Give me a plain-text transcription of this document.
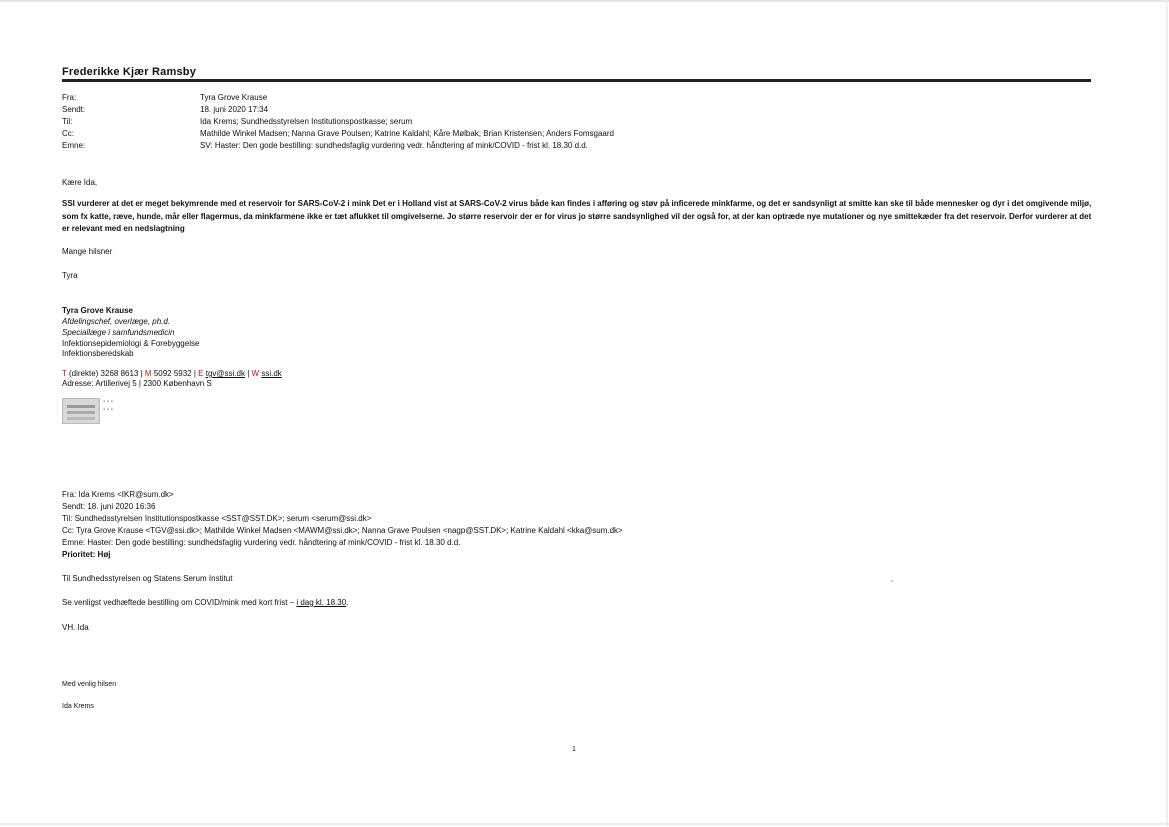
Frederikke Kjær Ramsby
Fra:	Tyra Grove Krause
Sendt:	18. juni 2020 17:34
Til:	Ida Krems; Sundhedsstyrelsen Institutionspostkasse; serum
Cc:	Mathilde Winkel Madsen; Nanna Grave Poulsen; Katrine Kaldahl; Kåre Mølbak; Brian Kristensen; Anders Fomsgaard
Emne:	SV: Haster: Den gode bestilling: sundhedsfaglig vurdering vedr. håndtering af mink/COVID - frist kl. 18.30 d.d.
Kære Ida,
SSI vurderer at det er meget bekymrende med et reservoir for SARS-CoV-2 i mink Det er i Holland vist at SARS-CoV-2 virus både kan findes i afføring og støv på inficerede minkfarme, og det er sandsynligt at smitte kan ske til både mennesker og dyr i det omgivende miljø, som fx katte, ræve, hunde, mår eller flagermus, da minkfarmene ikke er tæt aflukket til omgivelserne. Jo større reservoir der er for virus jo større sandsynlighed vil der også for, at der kan optræde nye mutationer og nye smittekæder fra det reservoir. Derfor vurderer at det er relevant med en nedslagtning
Mange hilsner
Tyra
Tyra Grove Krause
Afdelingschef, overlæge, ph.d.
Speciallæge i samfundsmedicin
Infektionsepidemiologi & Forebyggelse
Infektionsberedskab
T (direkte) 3268 8613 | M 5092 5932 | E tgv@ssi.dk | W ssi.dk
Adresse: Artillerivej 5 | 2300 København S
▪ ▪ ▪
▪ ▪ ▪
Fra: Ida Krems <IKR@sum.dk>
Sendt: 18. juni 2020 16:36
Til: Sundhedsstyrelsen Institutionspostkasse <SST@SST.DK>; serum <serum@ssi.dk>
Cc: Tyra Grove Krause <TGV@ssi.dk>; Mathilde Winkel Madsen <MAWM@ssi.dk>; Nanna Grave Poulsen <nagp@SST.DK>; Katrine Kaldahl <kka@sum.dk>
Emne: Haster: Den gode bestilling: sundhedsfaglig vurdering vedr. håndtering af mink/COVID - frist kl. 18.30 d.d.
Prioritet: Høj
Til Sundhedsstyrelsen og Statens Serum Institut
Se venligst vedhæftede bestilling om COVID/mink med kort frist – i dag kl. 18.30.
VH. Ida
Med venlig hilsen
Ida Krems
1
